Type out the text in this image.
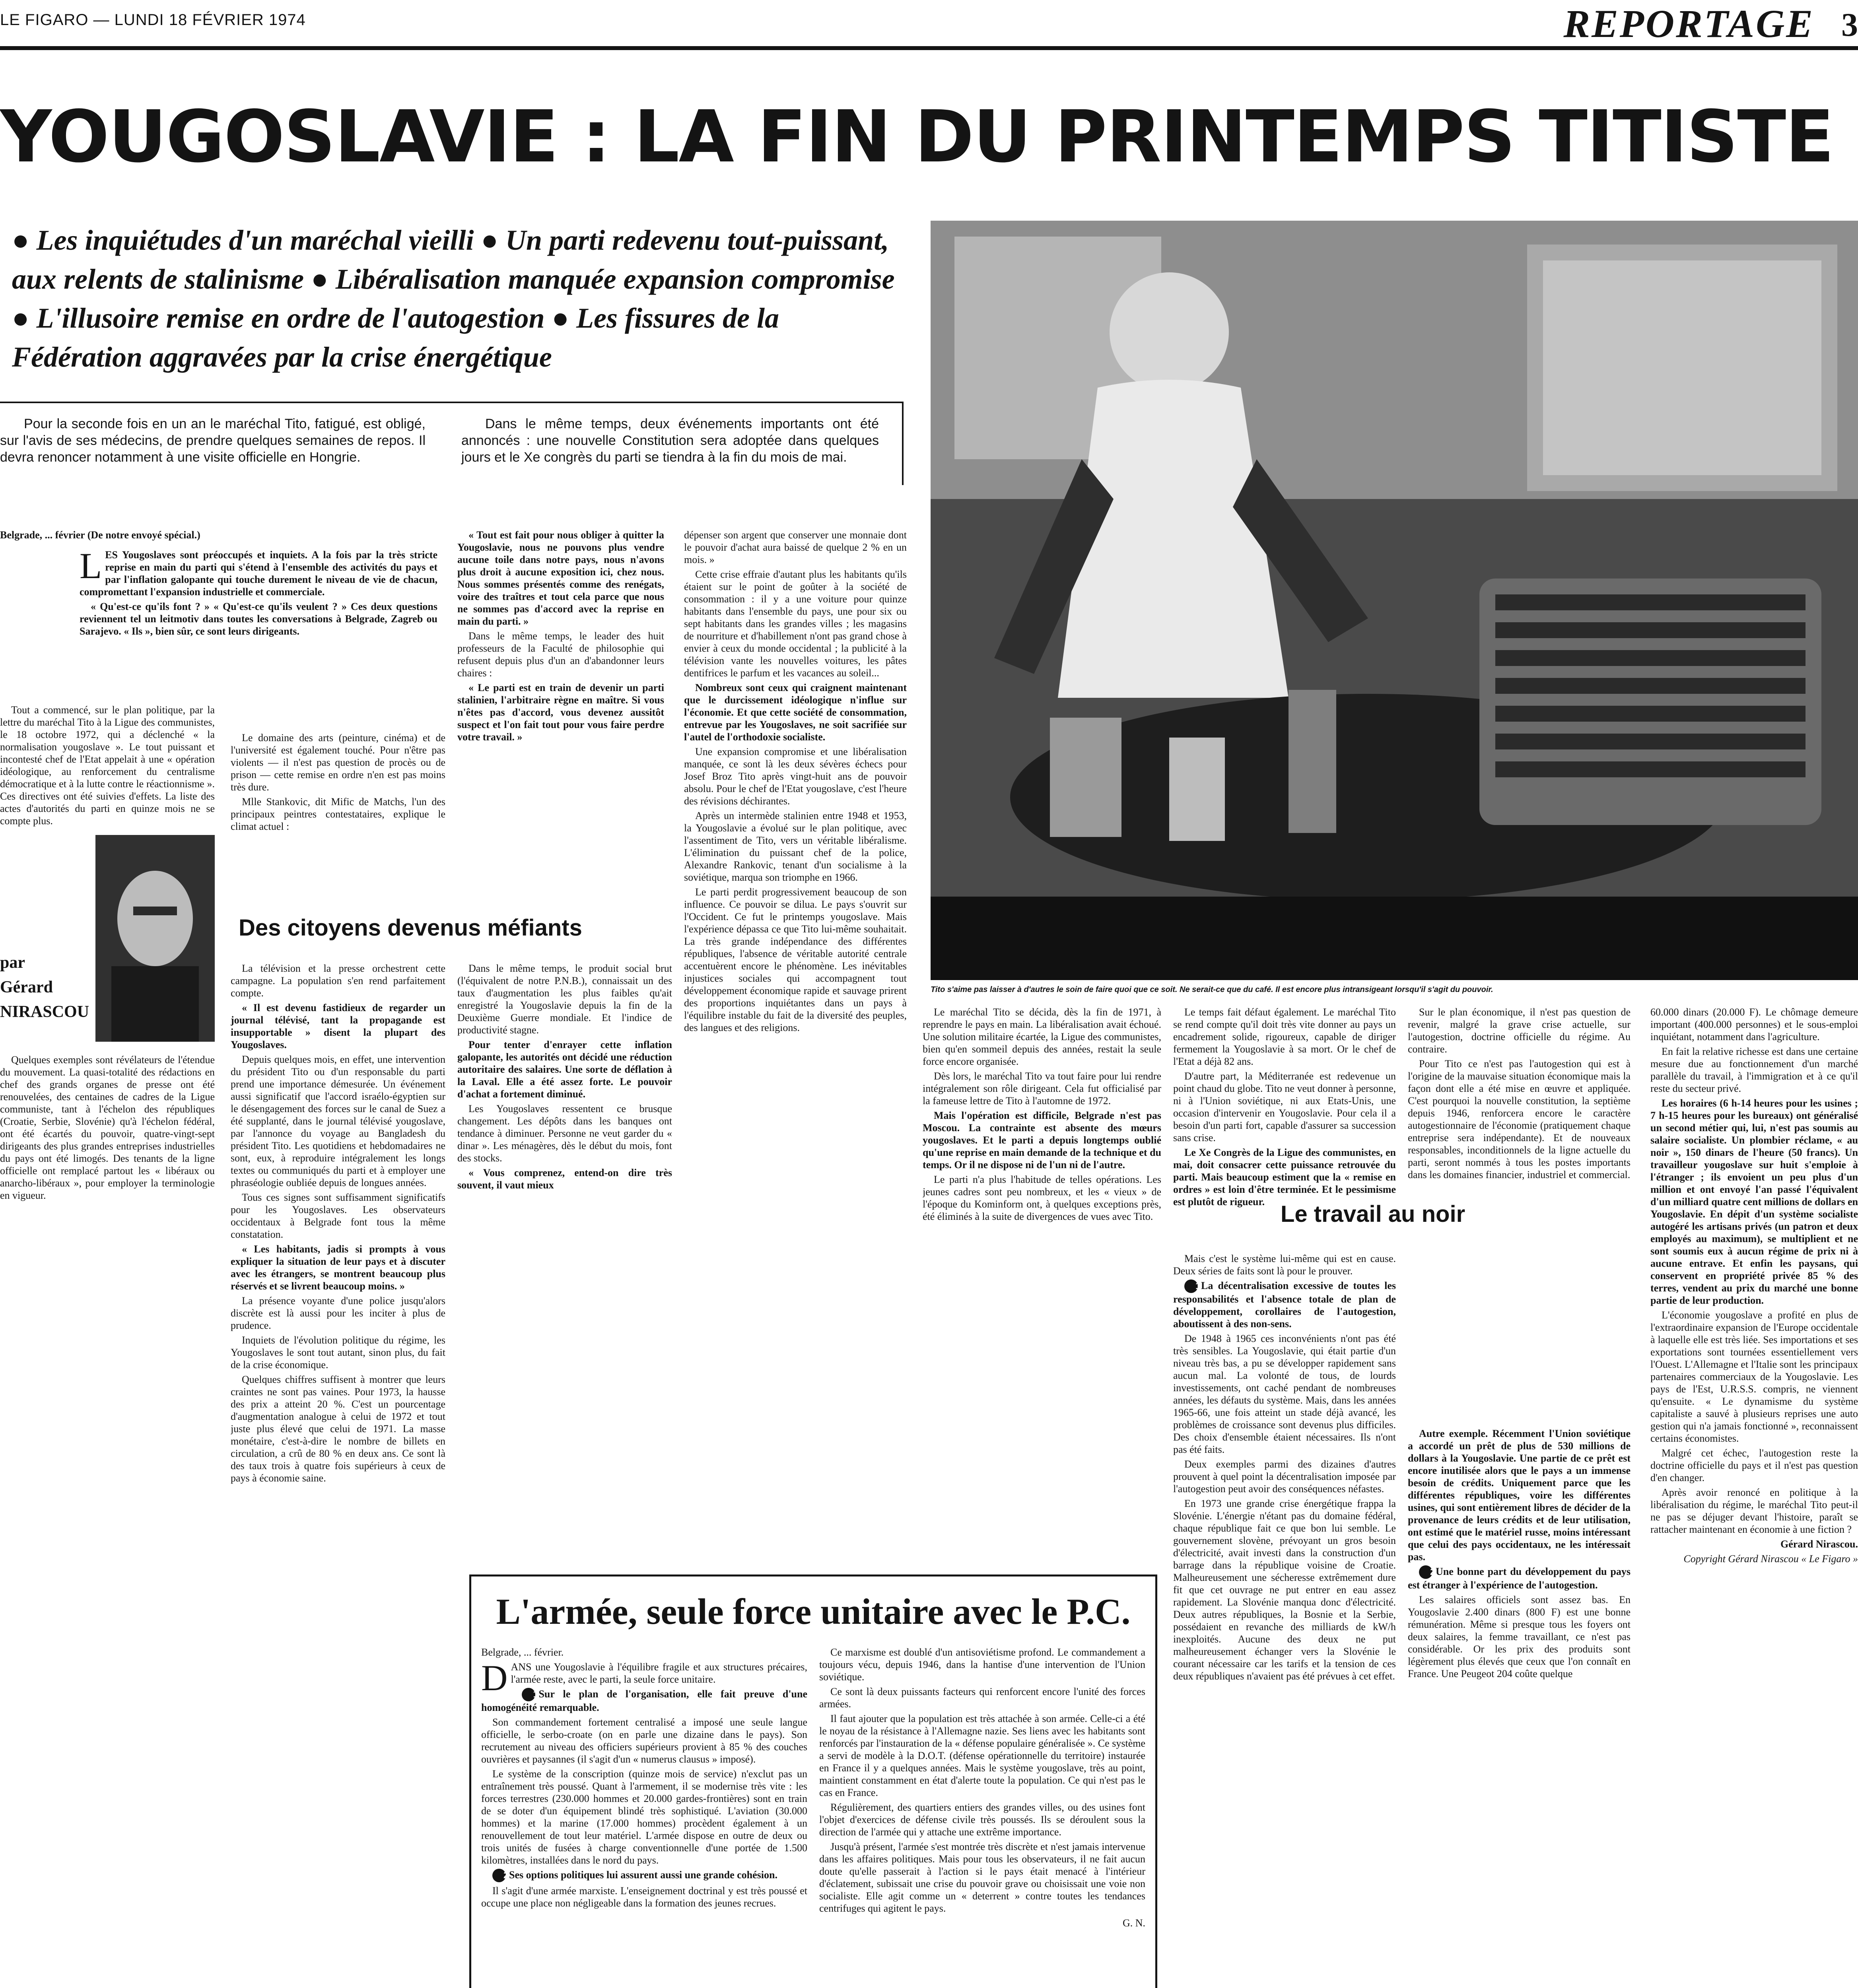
LE FIGARO — LUNDI 18 FÉVRIER 1974	REPORTAGE 3
YOUGOSLAVIE : LA FIN DU PRINTEMPS TITISTE
● Les inquiétudes d'un maréchal vieilli ● Un parti redevenu tout-puissant, aux relents de stalinisme ● Libéralisation manquée expansion compromise ● L'illusoire remise en ordre de l'autogestion ● Les fissures de la Fédération aggravées par la crise énergétique
Pour la seconde fois en un an le maréchal Tito, fatigué, est obligé, sur l'avis de ses médecins, de prendre quelques semaines de repos. Il devra renoncer notamment à une visite officielle en Hongrie.
Dans le même temps, deux événements importants ont été annoncés : une nouvelle Constitution sera adoptée dans quelques jours et le Xe congrès du parti se tiendra à la fin du mois de mai.
Tito s'aime pas laisser à d'autres le soin de faire quoi que ce soit. Ne serait-ce que du café. Il est encore plus intransigeant lorsqu'il s'agit du pouvoir.

Belgrade, ... février (De notre envoyé spécial.)

LES Yougoslaves sont préoccupés et inquiets. A la fois par la très stricte reprise en main du parti qui s'étend à l'ensemble des activités du pays et par l'inflation galopante qui touche durement le niveau de vie de chacun, compromettant l'expansion industrielle et commerciale.

« Qu'est-ce qu'ils font ? » « Qu'est-ce qu'ils veulent ? » Ces deux questions reviennent tel un leitmotiv dans toutes les conversations à Belgrade, Zagreb ou Sarajevo. « Ils », bien sûr, ce sont leurs dirigeants.

Tout a commencé, sur le plan politique, par la lettre du maréchal Tito à la Ligue des communistes, le 18 octobre 1972, qui a déclenché « la normalisation yougoslave ». Le tout puissant et incontesté chef de l'Etat appelait à une « opération idéologique, au renforcement du centralisme démocratique et à la lutte contre le réactionnisme ». Ces directives ont été suivies d'effets. La liste des actes d'autorités du parti en quinze mois ne se compte plus.

par
Gérard
NIRASCOU

Quelques exemples sont révélateurs de l'étendue du mouvement. La quasi-totalité des rédactions en chef des grands organes de presse ont été renouvelées, des centaines de cadres de la Ligue communiste, tant à l'échelon des républiques (Croatie, Serbie, Slovénie) qu'à l'échelon fédéral, ont été écartés du pouvoir, quatre-vingt-sept dirigeants des plus grandes entreprises industrielles du pays ont été limogés. Des tenants de la ligne officielle ont remplacé partout les « libéraux ou anarcho-libéraux », pour employer la terminologie en vigueur.

Le domaine des arts (peinture, cinéma) et de l'université est également touché. Pour n'être pas violents — il n'est pas question de procès ou de prison — cette remise en ordre n'en est pas moins très dure.

Mlle Stankovic, dit Mific de Matchs, l'un des principaux peintres contestataires, explique le climat actuel :

« Tout est fait pour nous obliger à quitter la Yougoslavie, nous ne pouvons plus vendre aucune toile dans notre pays, nous n'avons plus droit à aucune exposition ici, chez nous. Nous sommes présentés comme des renégats, voire des traîtres et tout cela parce que nous ne sommes pas d'accord avec la reprise en main du parti. »

Dans le même temps, le leader des huit professeurs de la Faculté de philosophie qui refusent depuis plus d'un an d'abandonner leurs chaires :

« Le parti est en train de devenir un parti stalinien, l'arbitraire règne en maître. Si vous n'êtes pas d'accord, vous devenez aussitôt suspect et l'on fait tout pour vous faire perdre votre travail. »

Des citoyens devenus méfiants

La télévision et la presse orchestrent cette campagne. La population s'en rend parfaitement compte.

« Il est devenu fastidieux de regarder un journal télévisé, tant la propagande est insupportable » disent la plupart des Yougoslaves.

Depuis quelques mois, en effet, une intervention du président Tito ou d'un responsable du parti prend une importance démesurée. Un événement aussi significatif que l'accord israélo-égyptien sur le désengagement des forces sur le canal de Suez a été supplanté, dans le journal télévisé yougoslave, par l'annonce du voyage au Bangladesh du président Tito. Les quotidiens et hebdomadaires ne sont, eux, à reproduire intégralement les longs textes ou communiqués du parti et à employer une phraséologie oubliée depuis de longues années.

Tous ces signes sont suffisamment significatifs pour les Yougoslaves. Les observateurs occidentaux à Belgrade font tous la même constatation.

« Les habitants, jadis si prompts à vous expliquer la situation de leur pays et à discuter avec les étrangers, se montrent beaucoup plus réservés et se livrent beaucoup moins. »

La présence voyante d'une police jusqu'alors discrète est là aussi pour les inciter à plus de prudence.

Inquiets de l'évolution politique du régime, les Yougoslaves le sont tout autant, sinon plus, du fait de la crise économique.

Quelques chiffres suffisent à montrer que leurs craintes ne sont pas vaines. Pour 1973, la hausse des prix a atteint 20 %. C'est un pourcentage d'augmentation analogue à celui de 1972 et tout juste plus élevé que celui de 1971. La masse monétaire, c'est-à-dire le nombre de billets en circulation, a crû de 80 % en deux ans. Ce sont là des taux trois à quatre fois supérieurs à ceux de pays à économie saine.

Dans le même temps, le produit social brut (l'équivalent de notre P.N.B.), connaissait un des taux d'augmentation les plus faibles qu'ait enregistré la Yougoslavie depuis la fin de la Deuxième Guerre mondiale. Et l'indice de productivité stagne.

Pour tenter d'enrayer cette inflation galopante, les autorités ont décidé une réduction autoritaire des salaires. Une sorte de déflation à la Laval. Elle a été assez forte. Le pouvoir d'achat a fortement diminué.

Les Yougoslaves ressentent ce brusque changement. Les dépôts dans les banques ont tendance à diminuer. Personne ne veut garder du « dinar ». Les ménagères, dès le début du mois, font des stocks.

« Vous comprenez, entend-on dire très souvent, il vaut mieux

dépenser son argent que conserver une monnaie dont le pouvoir d'achat aura baissé de quelque 2 % en un mois. »

Cette crise effraie d'autant plus les habitants qu'ils étaient sur le point de goûter à la société de consommation : il y a une voiture pour quinze habitants dans l'ensemble du pays, une pour six ou sept habitants dans les grandes villes ; les magasins de nourriture et d'habillement n'ont pas grand chose à envier à ceux du monde occidental ; la publicité à la télévision vante les nouvelles voitures, les pâtes dentifrices le parfum et les vacances au soleil...

Nombreux sont ceux qui craignent maintenant que le durcissement idéologique n'influe sur l'économie. Et que cette société de consommation, entrevue par les Yougoslaves, ne soit sacrifiée sur l'autel de l'orthodoxie socialiste.

Une expansion compromise et une libéralisation manquée, ce sont là les deux sévères échecs pour Josef Broz Tito après vingt-huit ans de pouvoir absolu. Pour le chef de l'Etat yougoslave, c'est l'heure des révisions déchirantes.

Après un intermède stalinien entre 1948 et 1953, la Yougoslavie a évolué sur le plan politique, avec l'assentiment de Tito, vers un véritable libéralisme. L'élimination du puissant chef de la police, Alexandre Rankovic, tenant d'un socialisme à la soviétique, marqua son triomphe en 1966.

Le parti perdit progressivement beaucoup de son influence. Ce pouvoir se dilua. Le pays s'ouvrit sur l'Occident. Ce fut le printemps yougoslave. Mais l'expérience dépassa ce que Tito lui-même souhaitait. La très grande indépendance des différentes républiques, l'absence de véritable autorité centrale accentuèrent encore le phénomène. Les inévitables injustices sociales qui accompagnent tout développement économique rapide et sauvage prirent des proportions inquiétantes dans un pays à l'équilibre instable du fait de la diversité des peuples, des langues et des religions.

Le maréchal Tito se décida, dès la fin de 1971, à reprendre le pays en main. La libéralisation avait échoué. Une solution militaire écartée, la Ligue des communistes, bien qu'en sommeil depuis des années, restait la seule force encore organisée.

Dès lors, le maréchal Tito va tout faire pour lui rendre intégralement son rôle dirigeant. Cela fut officialisé par la fameuse lettre de Tito à l'automne de 1972.

Mais l'opération est difficile, Belgrade n'est pas Moscou. La contrainte est absente des mœurs yougoslaves. Et le parti a depuis longtemps oublié qu'une reprise en main demande de la technique et du temps. Or il ne dispose ni de l'un ni de l'autre.

Le parti n'a plus l'habitude de telles opérations. Les jeunes cadres sont peu nombreux, et les « vieux » de l'époque du Kominform ont, à quelques exceptions près, été éliminés à la suite de divergences de vues avec Tito.

Le temps fait défaut également. Le maréchal Tito se rend compte qu'il doit très vite donner au pays un encadrement solide, rigoureux, capable de diriger fermement la Yougoslavie à sa mort. Or le chef de l'Etat a déjà 82 ans.

D'autre part, la Méditerranée est redevenue un point chaud du globe. Tito ne veut donner à personne, ni à l'Union soviétique, ni aux Etats-Unis, une occasion d'intervenir en Yougoslavie. Pour cela il a besoin d'un parti fort, capable d'assurer sa succession sans crise.

Le Xe Congrès de la Ligue des communistes, en mai, doit consacrer cette puissance retrouvée du parti. Mais beaucoup estiment que la « remise en ordres » est loin d'être terminée. Et le pessimisme est plutôt de rigueur.

Sur le plan économique, il n'est pas question de revenir, malgré la grave crise actuelle, sur l'autogestion, doctrine officielle du régime. Au contraire.

Pour Tito ce n'est pas l'autogestion qui est à l'origine de la mauvaise situation économique mais la façon dont elle a été mise en œuvre et appliquée. C'est pourquoi la nouvelle constitution, la septième depuis 1946, renforcera encore le caractère autogestionnaire de l'économie (pratiquement chaque entreprise sera indépendante). Et de nouveaux responsables, inconditionnels de la ligne actuelle du parti, seront nommés à tous les postes importants dans les domaines financier, industriel et commercial.

Le travail au noir

Mais c'est le système lui-même qui est en cause. Deux séries de faits sont là pour le prouver.

1La décentralisation excessive de toutes les responsabilités et l'absence totale de plan de développement, corollaires de l'autogestion, aboutissent à des non-sens.

De 1948 à 1965 ces inconvénients n'ont pas été très sensibles. La Yougoslavie, qui était partie d'un niveau très bas, a pu se développer rapidement sans aucun mal. La volonté de tous, de lourds investissements, ont caché pendant de nombreuses années, les défauts du système. Mais, dans les années 1965-66, une fois atteint un stade déjà avancé, les problèmes de croissance sont devenus plus difficiles. Des choix d'ensemble étaient nécessaires. Ils n'ont pas été faits.

Deux exemples parmi des dizaines d'autres prouvent à quel point la décentralisation imposée par l'autogestion peut avoir des conséquences néfastes.

En 1973 une grande crise énergétique frappa la Slovénie. L'énergie n'étant pas du domaine fédéral, chaque république fait ce que bon lui semble. Le gouvernement slovène, prévoyant un gros besoin d'électricité, avait investi dans la construction d'un barrage dans la république voisine de Croatie. Malheureusement une sécheresse extrêmement dure fit que cet ouvrage ne put entrer en eau assez rapidement. La Slovénie manqua donc d'électricité. Deux autres républiques, la Bosnie et la Serbie, possédaient en revanche des milliards de kW/h inexploités. Aucune des deux ne put malheureusement échanger vers la Slovénie le courant nécessaire car les tarifs et la tension de ces deux républiques n'avaient pas été prévues à cet effet.

Autre exemple. Récemment l'Union soviétique a accordé un prêt de plus de 530 millions de dollars à la Yougoslavie. Une partie de ce prêt est encore inutilisée alors que le pays a un immense besoin de crédits. Uniquement parce que les différentes républiques, voire les différentes usines, qui sont entièrement libres de décider de la provenance de leurs crédits et de leur utilisation, ont estimé que le matériel russe, moins intéressant que celui des pays occidentaux, ne les intéressait pas.

2Une bonne part du développement du pays est étranger à l'expérience de l'autogestion.

Les salaires officiels sont assez bas. En Yougoslavie 2.400 dinars (800 F) est une bonne rémunération. Même si presque tous les foyers ont deux salaires, la femme travaillant, ce n'est pas considérable. Or les prix des produits sont légèrement plus élevés que ceux que l'on connaît en France. Une Peugeot 204 coûte quelque

60.000 dinars (20.000 F). Le chômage demeure important (400.000 personnes) et le sous-emploi inquiétant, notamment dans l'agriculture.

En fait la relative richesse est dans une certaine mesure due au fonctionnement d'un marché parallèle du travail, à l'immigration et à ce qu'il reste du secteur privé.

Les horaires (6 h-14 heures pour les usines ; 7 h-15 heures pour les bureaux) ont généralisé un second métier qui, lui, n'est pas soumis au salaire socialiste. Un plombier réclame, « au noir », 150 dinars de l'heure (50 francs). Un travailleur yougoslave sur huit s'emploie à l'étranger ; ils envoient un peu plus d'un million et ont envoyé l'an passé l'équivalent d'un milliard quatre cent millions de dollars en Yougoslavie. En dépit d'un système socialiste autogéré les artisans privés (un patron et deux employés au maximum), se multiplient et ne sont soumis eux à aucun régime de prix ni à aucune entrave. Et enfin les paysans, qui conservent en propriété privée 85 % des terres, vendent au prix du marché une bonne partie de leur production.

L'économie yougoslave a profité en plus de l'extraordinaire expansion de l'Europe occidentale à laquelle elle est très liée. Ses importations et ses exportations sont tournées essentiellement vers l'Ouest. L'Allemagne et l'Italie sont les principaux partenaires commerciaux de la Yougoslavie. Les pays de l'Est, U.R.S.S. compris, ne viennent qu'ensuite. « Le dynamisme du système capitaliste a sauvé à plusieurs reprises une auto gestion qui n'a jamais fonctionné », reconnaissent certains économistes.

Malgré cet échec, l'autogestion reste la doctrine officielle du pays et il n'est pas question d'en changer.

Après avoir renoncé en politique à la libéralisation du régime, le maréchal Tito peut-il ne pas se déjuger devant l'histoire, paraît se rattacher maintenant en économie à une fiction ?

Gérard Nirascou.

Copyright Gérard Nirascou « Le Figaro »

L'armée, seule force unitaire avec le P.C.

Belgrade, ... février.

DANS une Yougoslavie à l'équilibre fragile et aux structures précaires, l'armée reste, avec le parti, la seule force unitaire.

1Sur le plan de l'organisation, elle fait preuve d'une homogénéité remarquable.

Son commandement fortement centralisé a imposé une seule langue officielle, le serbo-croate (on en parle une dizaine dans le pays). Son recrutement au niveau des officiers supérieurs provient à 85 % des couches ouvrières et paysannes (il s'agit d'un « numerus clausus » imposé).

Le système de la conscription (quinze mois de service) n'exclut pas un entraînement très poussé. Quant à l'armement, il se modernise très vite : les forces terrestres (230.000 hommes et 20.000 gardes-frontières) sont en train de se doter d'un équipement blindé très sophistiqué. L'aviation (30.000 hommes) et la marine (17.000 hommes) procèdent également à un renouvellement de tout leur matériel. L'armée dispose en outre de deux ou trois unités de fusées à charge conventionnelle d'une portée de 1.500 kilomètres, installées dans le nord du pays.

2Ses options politiques lui assurent aussi une grande cohésion.

Il s'agit d'une armée marxiste. L'enseignement doctrinal y est très poussé et occupe une place non négligeable dans la formation des jeunes recrues.

Ce marxisme est doublé d'un antisoviétisme profond. Le commandement a toujours vécu, depuis 1946, dans la hantise d'une intervention de l'Union soviétique.

Ce sont là deux puissants facteurs qui renforcent encore l'unité des forces armées.

Il faut ajouter que la population est très attachée à son armée. Celle-ci a été le noyau de la résistance à l'Allemagne nazie. Ses liens avec les habitants sont renforcés par l'instauration de la « défense populaire généralisée ». Ce système a servi de modèle à la D.O.T. (défense opérationnelle du territoire) instaurée en France il y a quelques années. Mais le système yougoslave, très au point, maintient constamment en état d'alerte toute la population. Ce qui n'est pas le cas en France.

Régulièrement, des quartiers entiers des grandes villes, ou des usines font l'objet d'exercices de défense civile très poussés. Ils se déroulent sous la direction de l'armée qui y attache une extrême importance.

Jusqu'à présent, l'armée s'est montrée très discrète et n'est jamais intervenue dans les affaires politiques. Mais pour tous les observateurs, il ne fait aucun doute qu'elle passerait à l'action si le pays était menacé à l'intérieur d'éclatement, subissait une crise du pouvoir grave ou choisissait une voie non socialiste. Elle agit comme un « deterrent » contre toutes les tendances centrifuges qui agitent le pays.

G. N.
